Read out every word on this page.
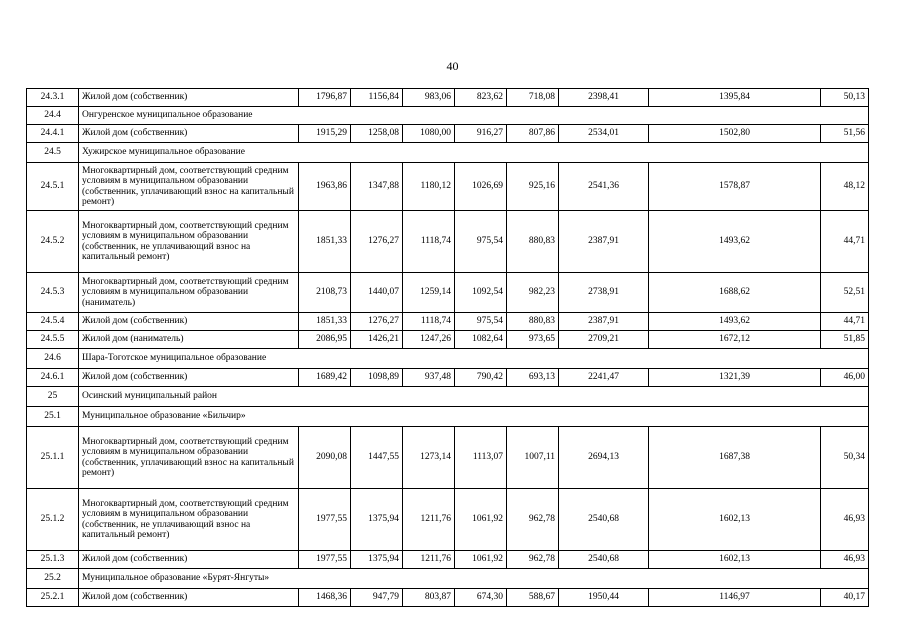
40
24.3.1	Жилой дом (собственник)	1796,87	1156,84	983,06	823,62	718,08	2398,41	1395,84	50,13
24.4	Онгуренское муниципальное образование								
24.4.1	Жилой дом (собственник)	1915,29	1258,08	1080,00	916,27	807,86	2534,01	1502,80	51,56
24.5	Хужирское муниципальное образование								
24.5.1	Многоквартирный дом, соответствующий средним условиям в муниципальном образовании (собственник, уплачивающий взнос на капитальный ремонт)	1963,86	1347,88	1180,12	1026,69	925,16	2541,36	1578,87	48,12
24.5.2	Многоквартирный дом, соответствующий средним условиям в муниципальном образовании (собственник, не уплачивающий взнос на капитальный ремонт)	1851,33	1276,27	1118,74	975,54	880,83	2387,91	1493,62	44,71
24.5.3	Многоквартирный дом, соответствующий средним условиям в муниципальном образовании (наниматель)	2108,73	1440,07	1259,14	1092,54	982,23	2738,91	1688,62	52,51
24.5.4	Жилой дом (собственник)	1851,33	1276,27	1118,74	975,54	880,83	2387,91	1493,62	44,71
24.5.5	Жилой дом (наниматель)	2086,95	1426,21	1247,26	1082,64	973,65	2709,21	1672,12	51,85
24.6	Шара-Тоготское муниципальное образование								
24.6.1	Жилой дом (собственник)	1689,42	1098,89	937,48	790,42	693,13	2241,47	1321,39	46,00
25	Осинский муниципальный район								
25.1	Муниципальное образование «Бильчир»								
25.1.1	Многоквартирный дом, соответствующий средним условиям в муниципальном образовании (собственник, уплачивающий взнос на капитальный ремонт)	2090,08	1447,55	1273,14	1113,07	1007,11	2694,13	1687,38	50,34
25.1.2	Многоквартирный дом, соответствующий средним условиям в муниципальном образовании (собственник, не уплачивающий взнос на капитальный ремонт)	1977,55	1375,94	1211,76	1061,92	962,78	2540,68	1602,13	46,93
25.1.3	Жилой дом (собственник)	1977,55	1375,94	1211,76	1061,92	962,78	2540,68	1602,13	46,93
25.2	Муниципальное образование «Бурят-Янгуты»								
25.2.1	Жилой дом (собственник)	1468,36	947,79	803,87	674,30	588,67	1950,44	1146,97	40,17
